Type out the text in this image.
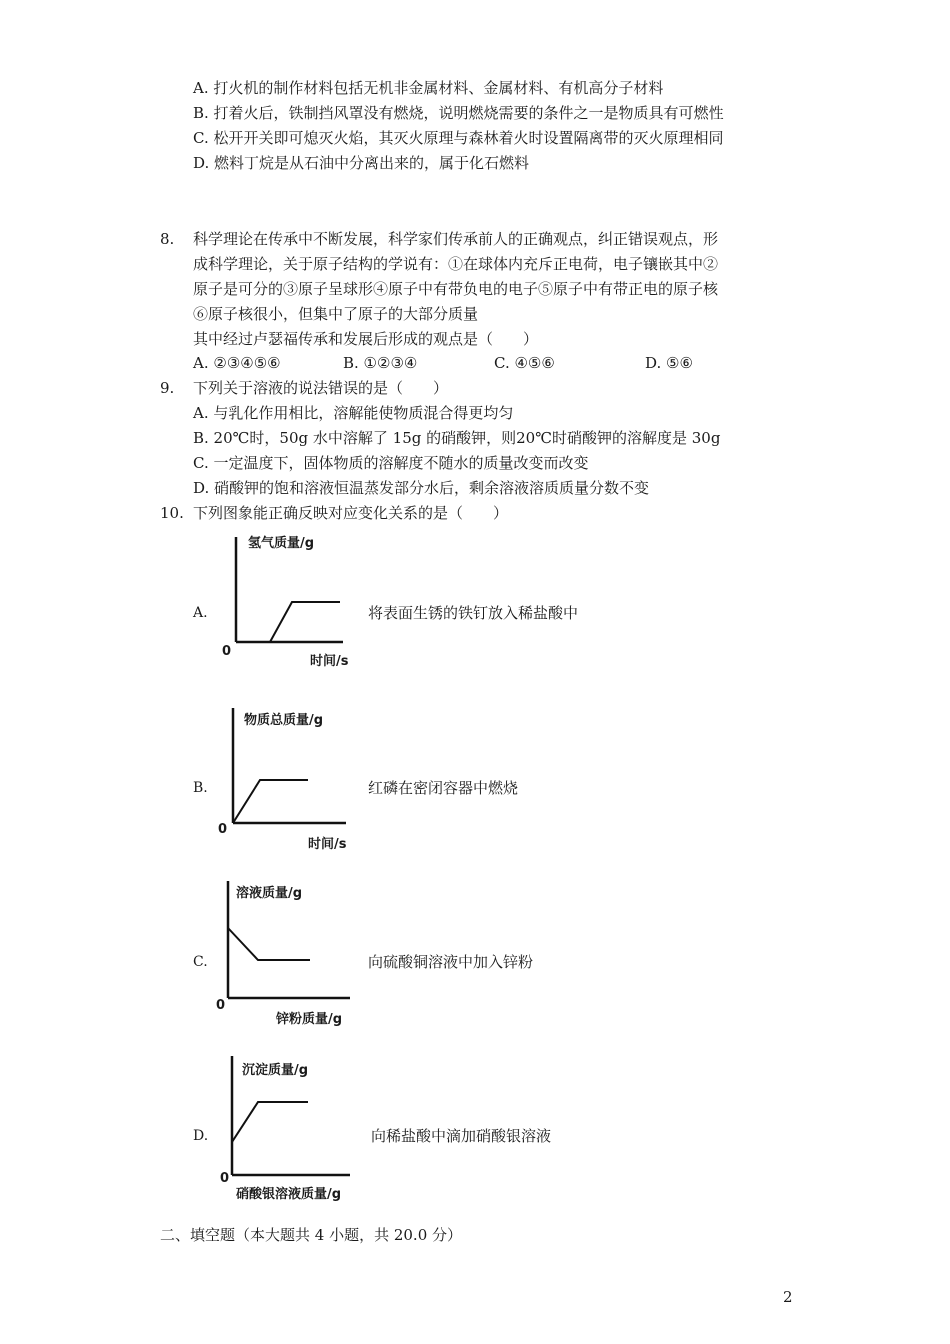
A. 打火机的制作材料包括无机非金属材料、金属材料、有机高分子材料
B. 打着火后，铁制挡风罩没有燃烧，说明燃烧需要的条件之一是物质具有可燃性
C. 松开开关即可熄灭火焰，其灭火原理与森林着火时设置隔离带的灭火原理相同
D. 燃料丁烷是从石油中分离出来的，属于化石燃料
8. 科学理论在传承中不断发展，科学家们传承前人的正确观点，纠正错误观点，形
成科学理论，关于原子结构的学说有：①在球体内充斥正电荷，电子镶嵌其中②
原子是可分的③原子呈球形④原子中有带负电的电子⑤原子中有带正电的原子核
⑥原子核很小，但集中了原子的大部分质量
其中经过卢瑟福传承和发展后形成的观点是（　　）
A. ②③④⑤⑥	B. ①②③④	C. ④⑤⑥	D. ⑤⑥
9. 下列关于溶液的说法错误的是（　　）
A. 与乳化作用相比，溶解能使物质混合得更均匀
B. 20℃时，50g 水中溶解了 15g 的硝酸钾，则20℃时硝酸钾的溶解度是 30g
C. 一定温度下，固体物质的溶解度不随水的质量改变而改变
D. 硝酸钾的饱和溶液恒温蒸发部分水后，剩余溶液溶质质量分数不变
10. 下列图象能正确反映对应变化关系的是（　　）
A.
氢气质量/g
时间/s
0
将表面生锈的铁钉放入稀盐酸中
B.
物质总质量/g
时间/s
0
红磷在密闭容器中燃烧
C.
溶液质量/g
锌粉质量/g
0
向硫酸铜溶液中加入锌粉
D.
沉淀质量/g
硝酸银溶液质量/g
0
向稀盐酸中滴加硝酸银溶液
二、填空题（本大题共 4 小题，共 20.0 分）
2
